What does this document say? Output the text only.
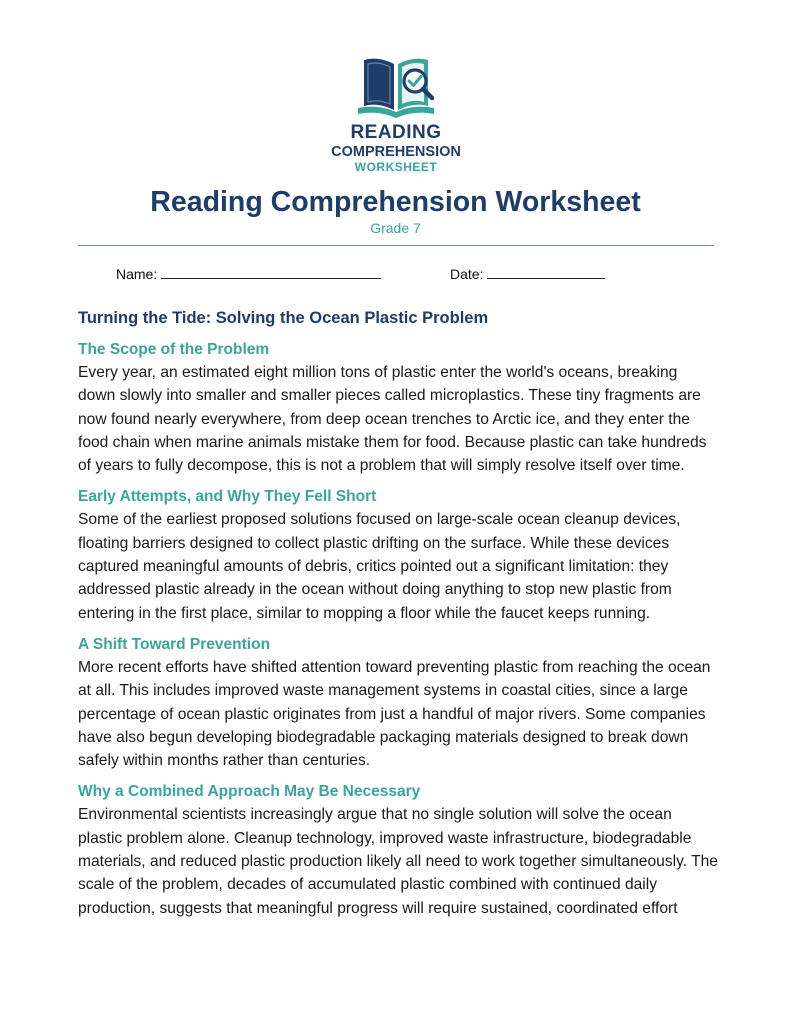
READING
COMPREHENSION
WORKSHEET
Reading Comprehension Worksheet
Grade 7
Name:	Date:
Turning the Tide: Solving the Ocean Plastic Problem
The Scope of the Problem

Every year, an estimated eight million tons of plastic enter the world's oceans, breaking down slowly into smaller and smaller pieces called microplastics. These tiny fragments are now found nearly everywhere, from deep ocean trenches to Arctic ice, and they enter the food chain when marine animals mistake them for food. Because plastic can take hundreds of years to fully decompose, this is not a problem that will simply resolve itself over time.

Early Attempts, and Why They Fell Short

Some of the earliest proposed solutions focused on large-scale ocean cleanup devices, floating barriers designed to collect plastic drifting on the surface. While these devices captured meaningful amounts of debris, critics pointed out a significant limitation: they addressed plastic already in the ocean without doing anything to stop new plastic from entering in the first place, similar to mopping a floor while the faucet keeps running.

A Shift Toward Prevention

More recent efforts have shifted attention toward preventing plastic from reaching the ocean at all. This includes improved waste management systems in coastal cities, since a large percentage of ocean plastic originates from just a handful of major rivers. Some companies have also begun developing biodegradable packaging materials designed to break down safely within months rather than centuries.

Why a Combined Approach May Be Necessary

Environmental scientists increasingly argue that no single solution will solve the ocean plastic problem alone. Cleanup technology, improved waste infrastructure, biodegradable materials, and reduced plastic production likely all need to work together simultaneously. The scale of the problem, decades of accumulated plastic combined with continued daily production, suggests that meaningful progress will require sustained, coordinated effort
